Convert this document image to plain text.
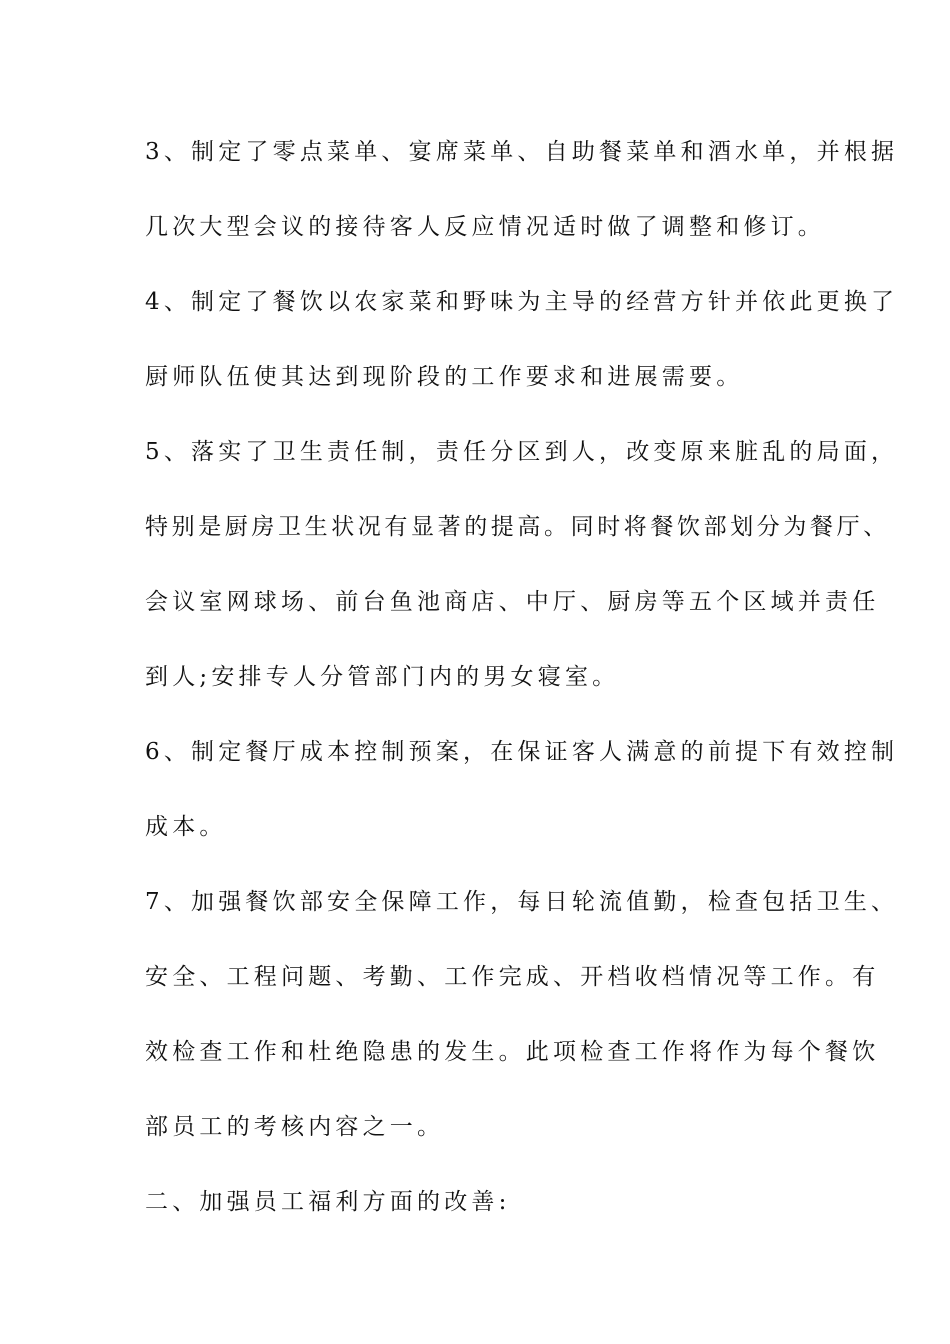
3、制定了零点菜单、宴席菜单、自助餐菜单和酒水单，并根据
几次大型会议的接待客人反应情况适时做了调整和修订。
4、制定了餐饮以农家菜和野味为主导的经营方针并依此更换了
厨师队伍使其达到现阶段的工作要求和进展需要。
5、落实了卫生责任制，责任分区到人，改变原来脏乱的局面，
特别是厨房卫生状况有显著的提高。同时将餐饮部划分为餐厅、
会议室网球场、前台鱼池商店、中厅、厨房等五个区域并责任
到人;安排专人分管部门内的男女寝室。
6、制定餐厅成本控制预案，在保证客人满意的前提下有效控制
成本。
7、加强餐饮部安全保障工作，每日轮流值勤，检查包括卫生、
安全、工程问题、考勤、工作完成、开档收档情况等工作。有
效检查工作和杜绝隐患的发生。此项检查工作将作为每个餐饮
部员工的考核内容之一。
二、加强员工福利方面的改善:
